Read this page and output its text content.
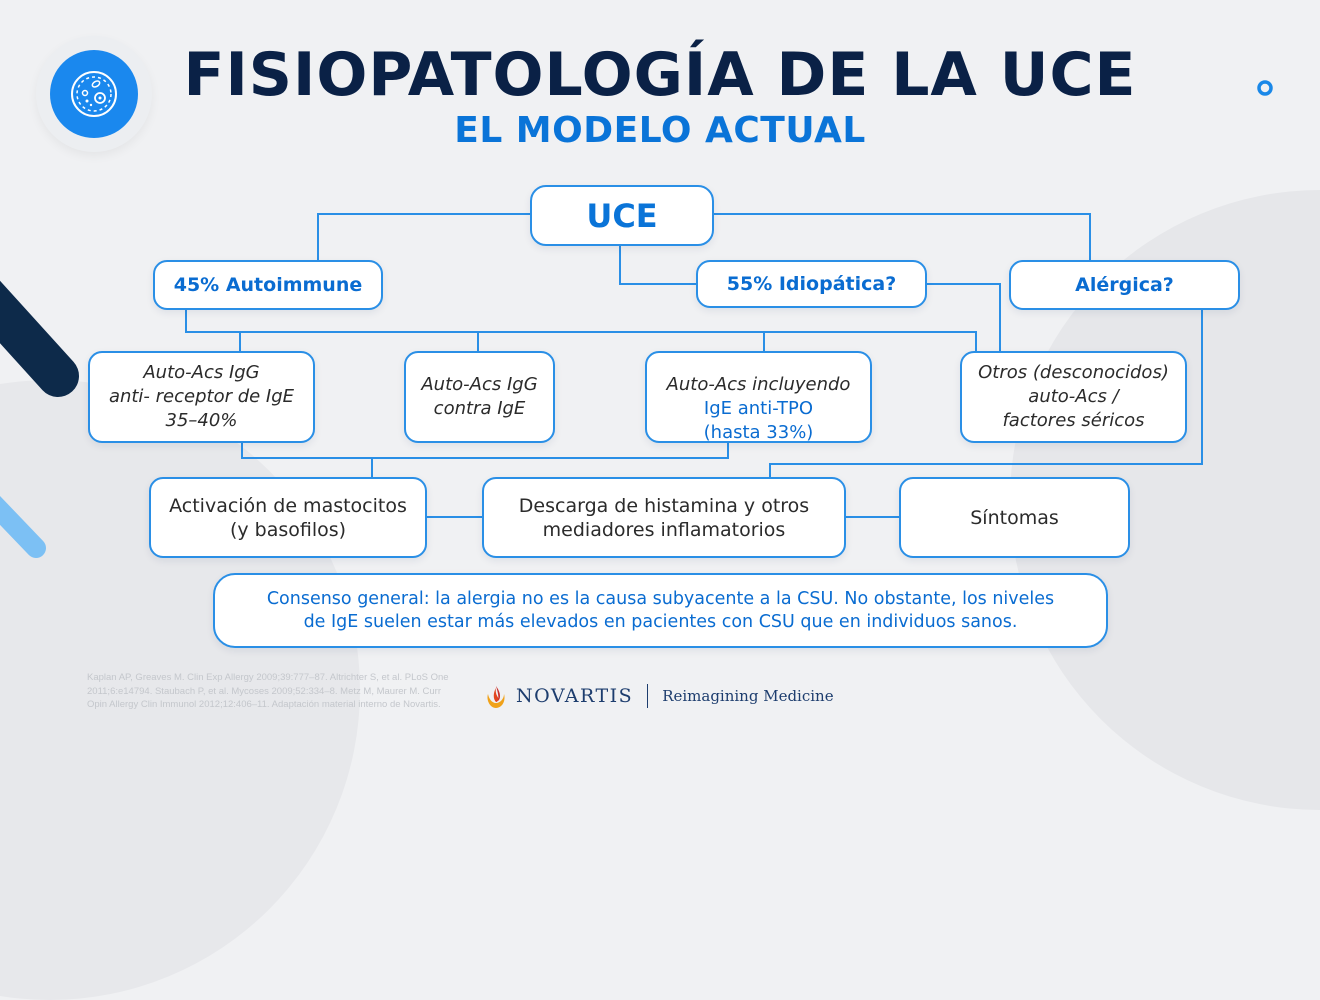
FISIOPATOLOGÍA DE LA UCE
EL MODELO ACTUAL
UCE
45% Autoimmune	55% Idiopática?	Alérgica?
Auto-Acs IgG
anti- receptor de IgE
35–40%
Auto-Acs IgG
contra IgE

Auto-Acs incluyendo
IgE anti-TPO
(hasta 33%)

Otros (desconocidos)
auto-Acs /
factores séricos
Activación de mastocitos
(y basofilos)
Descarga de histamina y otros
mediadores inflamatorios
Síntomas
Consenso general: la alergia no es la causa subyacente a la CSU. No obstante, los niveles
de IgE suelen estar más elevados en pacientes con CSU que en individuos sanos.
Kaplan AP, Greaves M. Clin Exp Allergy 2009;39:777–87. Altrichter S, et al. PLoS One 2011;6:e14794. Staubach P, et al. Mycoses 2009;52:334–8. Metz M, Maurer M. Curr Opin Allergy Clin Immunol 2012;12:406–11. Adaptación material interno de Novartis.	NOVARTIS Reimagining Medicine
